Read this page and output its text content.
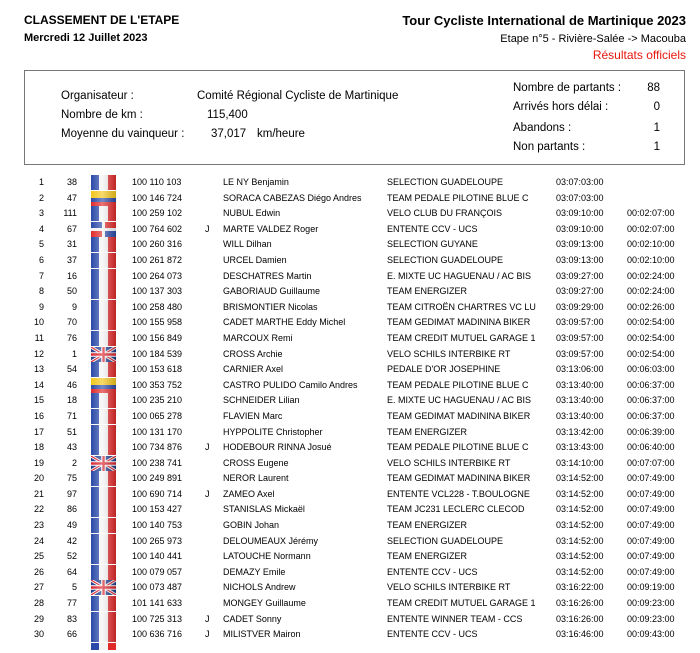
CLASSEMENT DE L'ETAPE
Mercredi 12 Juillet 2023
Tour Cycliste International de Martinique 2023
Etape n°5 - Rivière-Salée -> Macouba
Résultats officiels
Organisateur :	Comité Régional Cycliste de Martinique
Nombre de km :	115,400
Moyenne du vainqueur : 37,017 km/heure
Nombre de partants :	88
Arrivés hors délai :	0
Abandons :	1
Non partants :	1
1	38	100 110 103	LE NY Benjamin	SELECTION GUADELOUPE	03:07:03:00
2	47	100 146 724	SORACA CABEZAS Diégo Andres	TEAM PEDALE PILOTINE BLUE C	03:07:03:00
3	111	100 259 102	NUBUL Edwin	VELO CLUB DU FRANÇOIS	03:09:10:00	00:02:07:00
4	67	100 764 602	J MARTE VALDEZ Roger	ENTENTE CCV - UCS	03:09:10:00	00:02:07:00
5	31	100 260 316	WILL Dilhan	SELECTION GUYANE	03:09:13:00	00:02:10:00
6	37	100 261 872	URCEL Damien	SELECTION GUADELOUPE	03:09:13:00	00:02:10:00
7	16	100 264 073	DESCHATRES Martin	E. MIXTE UC HAGUENAU / AC BIS	03:09:27:00	00:02:24:00
8	50	100 137 303	GABORIAUD Guillaume	TEAM ENERGIZER	03:09:27:00	00:02:24:00
9	9	100 258 480	BRISMONTIER Nicolas	TEAM CITROËN CHARTRES VC LU 03:09:29:00	00:02:26:00
10	70	100 155 958	CADET MARTHE Eddy Michel	TEAM GEDIMAT MADININA BIKER	03:09:57:00	00:02:54:00
11	76	100 156 849	MARCOUX Remi	TEAM CREDIT MUTUEL GARAGE 1 03:09:57:00	00:02:54:00
12	1	100 184 539	CROSS Archie	VELO SCHILS INTERBIKE RT	03:09:57:00	00:02:54:00
13	54	100 153 618	CARNIER Axel	PEDALE D'OR JOSEPHINE	03:13:06:00	00:06:03:00
14	46	100 353 752	CASTRO PULIDO Camilo Andres	TEAM PEDALE PILOTINE BLUE C	03:13:40:00	00:06:37:00
15	18	100 235 210	SCHNEIDER Lilian	E. MIXTE UC HAGUENAU / AC BIS	03:13:40:00	00:06:37:00
16	71	100 065 278	FLAVIEN Marc	TEAM GEDIMAT MADININA BIKER	03:13:40:00	00:06:37:00
17	51	100 131 170	HYPPOLITE Christopher	TEAM ENERGIZER	03:13:42:00	00:06:39:00
18	43	100 734 876	J HODEBOUR RINNA Josué	TEAM PEDALE PILOTINE BLUE C	03:13:43:00	00:06:40:00
19	2	100 238 741	CROSS Eugene	VELO SCHILS INTERBIKE RT	03:14:10:00	00:07:07:00
20	75	100 249 891	NEROR Laurent	TEAM GEDIMAT MADININA BIKER	03:14:52:00	00:07:49:00
21	97	100 690 714	J ZAMEO Axel	ENTENTE VCL228 - T.BOULOGNE	03:14:52:00	00:07:49:00
22	86	100 153 427	STANISLAS Mickaël	TEAM JC231 LECLERC CLECOD	03:14:52:00	00:07:49:00
23	49	100 140 753	GOBIN Johan	TEAM ENERGIZER	03:14:52:00	00:07:49:00
24	42	100 265 973	DELOUMEAUX Jérémy	SELECTION GUADELOUPE	03:14:52:00	00:07:49:00
25	52	100 140 441	LATOUCHE Normann	TEAM ENERGIZER	03:14:52:00	00:07:49:00
26	64	100 079 057	DEMAZY Emile	ENTENTE CCV - UCS	03:14:52:00	00:07:49:00
27	5	100 073 487	NICHOLS Andrew	VELO SCHILS INTERBIKE RT	03:16:22:00	00:09:19:00
28	77	101 141 633	MONGEY Guillaume	TEAM CREDIT MUTUEL GARAGE 1 03:16:26:00	00:09:23:00
29	83	100 725 313	J CADET Sonny	ENTENTE WINNER TEAM - CCS	03:16:26:00	00:09:23:00
30	66	100 636 716	J MILISTVER Mairon	ENTENTE CCV - UCS	03:16:46:00	00:09:43:00
